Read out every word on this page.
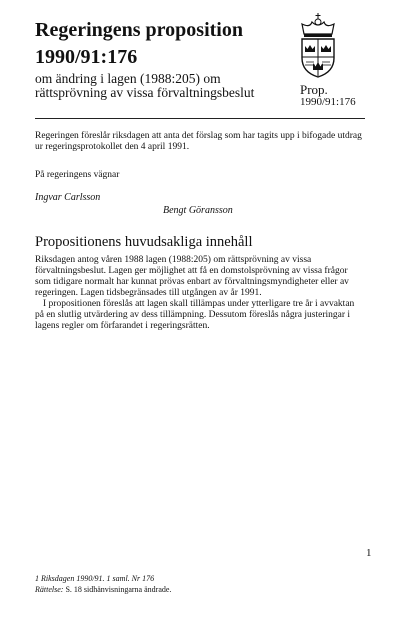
Regeringens proposition
1990/91:176
om ändring i lagen (1988:205) om rättsprövning av vissa förvaltningsbeslut	Prop.
1990/91:176
Regeringen föreslår riksdagen att anta det förslag som har tagits upp i bifogade utdrag ur regeringsprotokollet den 4 april 1991.
På regeringens vägnar
Ingvar Carlsson
Bengt Göransson
Propositionens huvudsakliga innehåll

Riksdagen antog våren 1988 lagen (1988:205) om rättsprövning av vissa förvaltningsbeslut. Lagen ger möjlighet att få en domstolsprövning av vissa frågor som tidigare normalt har kunnat prövas enbart av förvaltningsmyndigheter eller av regeringen. Lagen tidsbegränsades till utgången av år 1991.

I propositionen föreslås att lagen skall tillämpas under ytterligare tre år i avvaktan på en slutlig utvärdering av dess tillämpning. Dessutom föreslås några justeringar i lagens regler om förfarandet i regeringsrätten.

1
1 Riksdagen 1990/91. 1 saml. Nr 176
Rättelse: S. 18 sidhänvisningarna ändrade.
